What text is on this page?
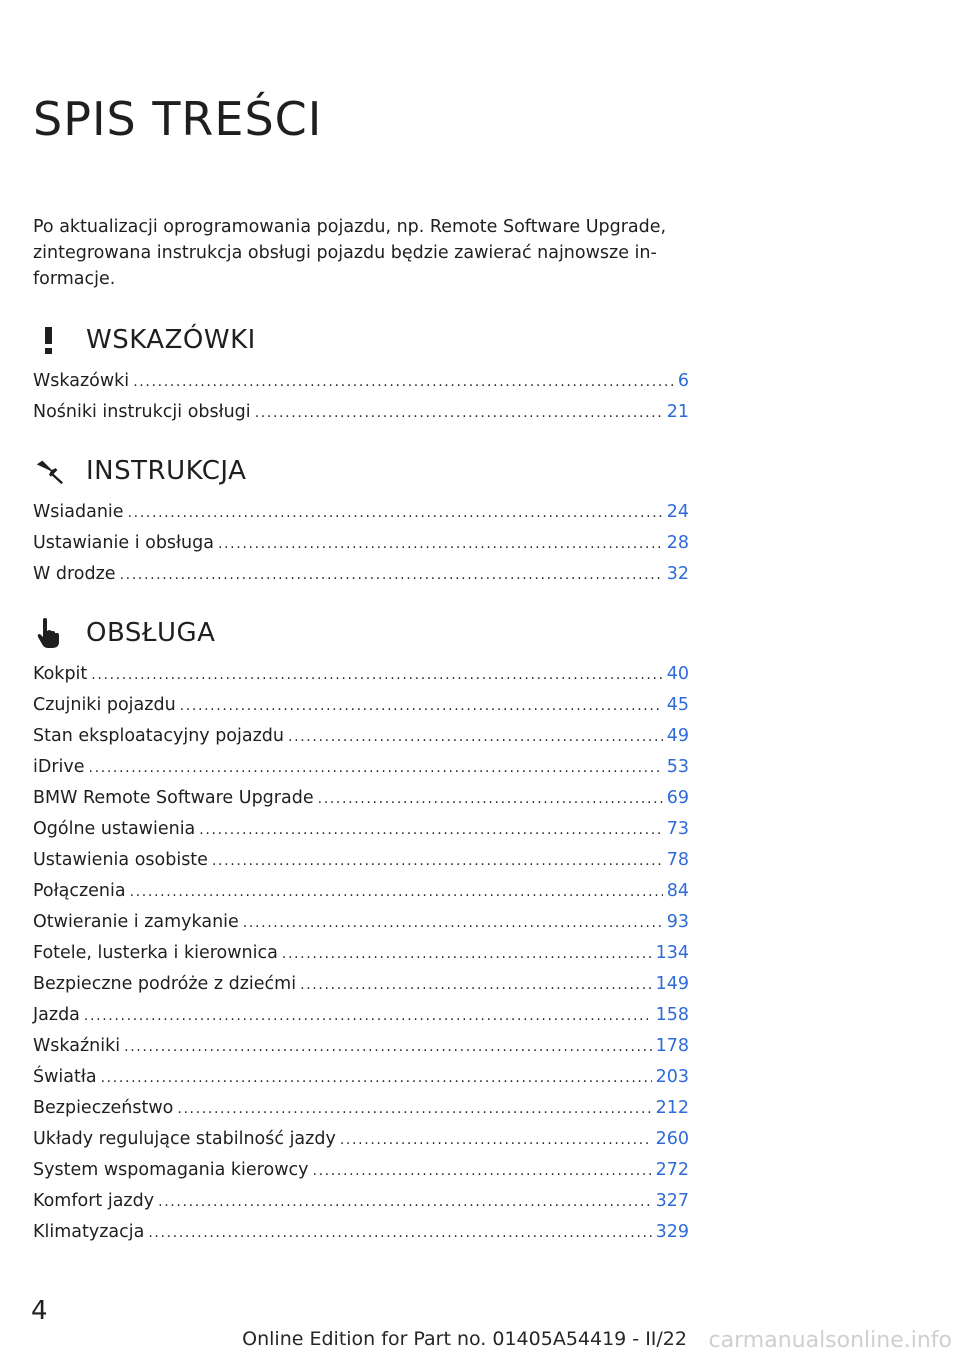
SPIS TREŚCI

Po aktualizacji oprogramowania pojazdu, np. Remote Software Upgrade, zintegrowana instrukcja obsługi pojazdu będzie zawierać najnowsze in-formacje.

WSKAZÓWKI
Wskazówki . . .	6
Nośniki instrukcji obsługi . . .	21
INSTRUKCJA
Wsiadanie . . .	24
Ustawianie i obsługa . . .	28
W drodze . . .	32
OBSŁUGA
Kokpit . . .	40
Czujniki pojazdu . . .	45
Stan eksploatacyjny pojazdu . . .	49
iDrive . . .	53
BMW Remote Software Upgrade . . .	69
Ogólne ustawienia . . .	73
Ustawienia osobiste . . .	78
Połączenia . . .	84
Otwieranie i zamykanie . . .	93
Fotele, lusterka i kierownica . . .	134
Bezpieczne podróże z dziećmi . . .	149
Jazda . . .	158
Wskaźniki . . .	178
Światła . . .	203
Bezpieczeństwo . . .	212
Układy regulujące stabilność jazdy . . .	260
System wspomagania kierowcy . . .	272
Komfort jazdy . . .	327
Klimatyzacja . . .	329
4
Online Edition for Part no. 01405A54419 - II/22 carmanualsonline.info
